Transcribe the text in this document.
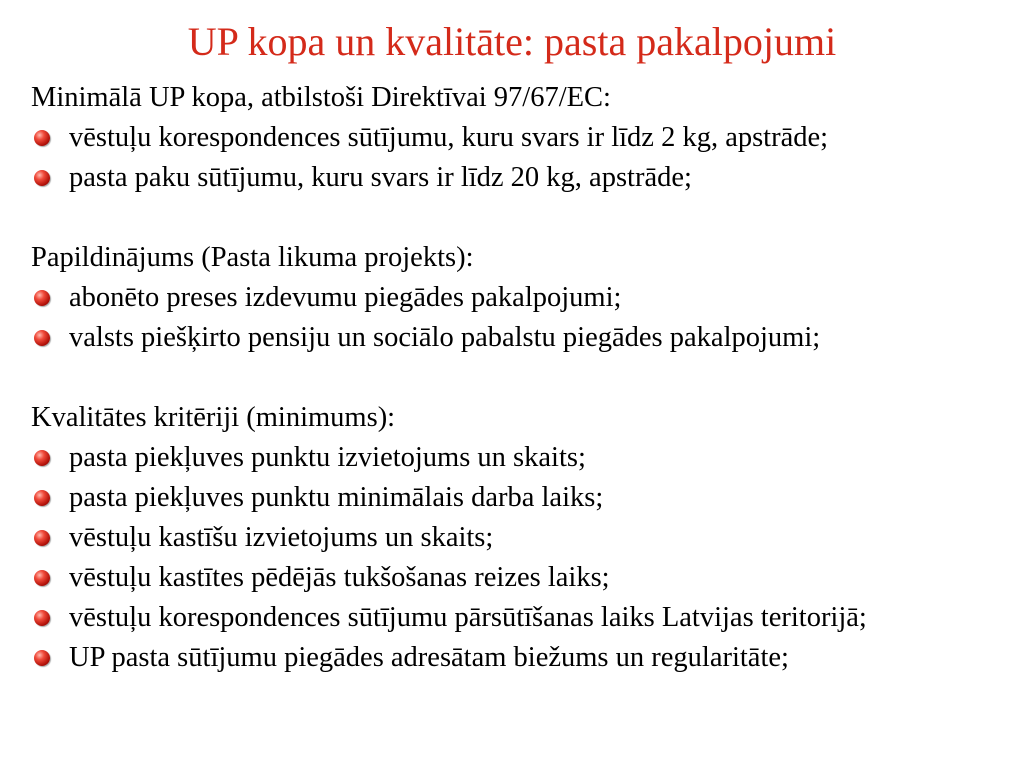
UP kopa un kvalitāte: pasta pakalpojumi
Minimālā UP kopa, atbilstoši Direktīvai 97/67/EC:
vēstuļu korespondences sūtījumu, kuru svars ir līdz 2 kg, apstrāde;
pasta paku sūtījumu, kuru svars ir līdz 20 kg, apstrāde;
Papildinājums (Pasta likuma projekts):
abonēto preses izdevumu piegādes pakalpojumi;
valsts piešķirto pensiju un sociālo pabalstu piegādes pakalpojumi;
Kvalitātes kritēriji (minimums):
pasta piekļuves punktu izvietojums un skaits;
pasta piekļuves punktu minimālais darba laiks;
vēstuļu kastīšu izvietojums un skaits;
vēstuļu kastītes pēdējās tukšošanas reizes laiks;
vēstuļu korespondences sūtījumu pārsūtīšanas laiks Latvijas teritorijā;
UP pasta sūtījumu piegādes adresātam biežums un regularitāte;
